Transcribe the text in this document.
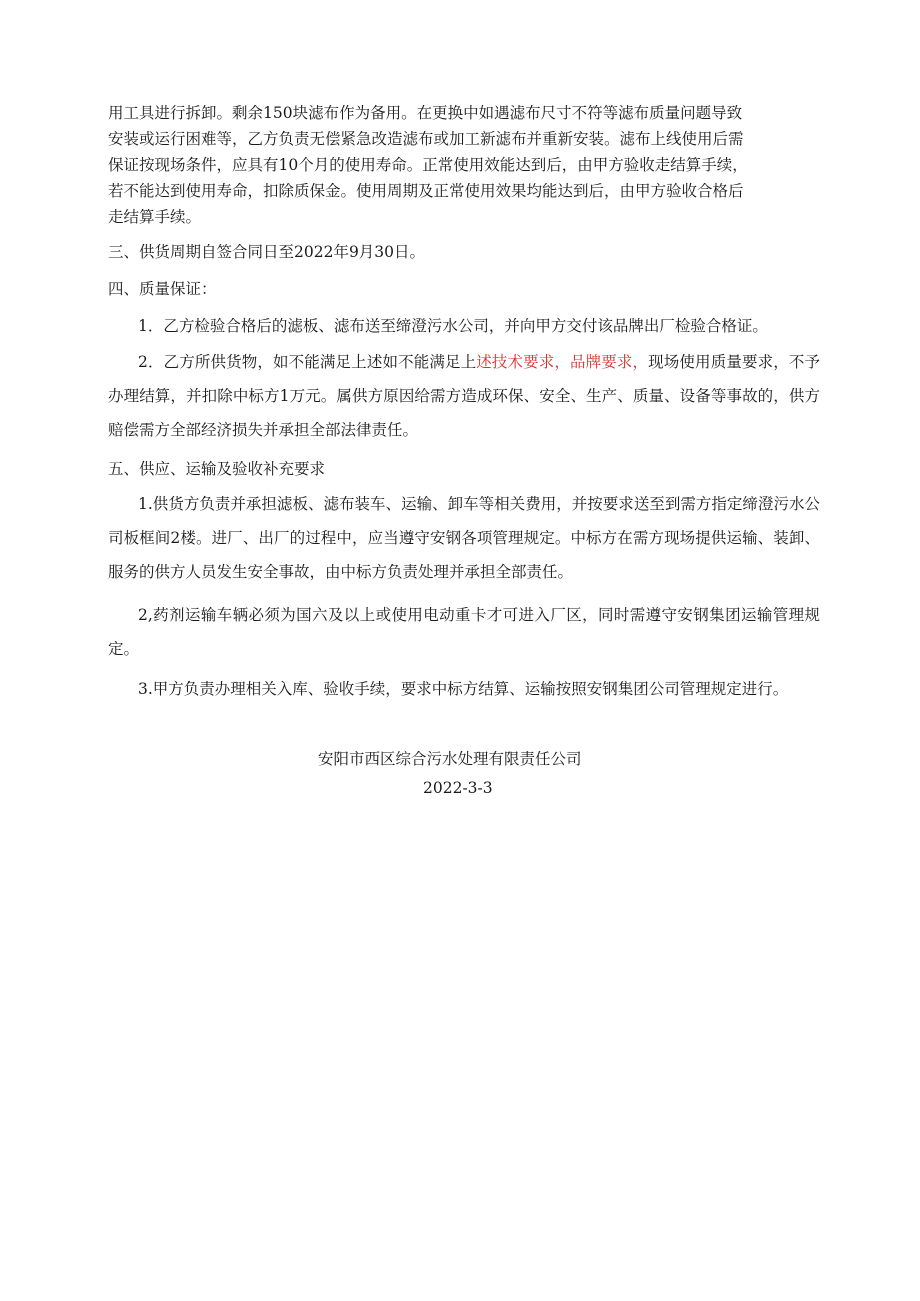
用工具进行拆卸。剩余150块滤布作为备用。在更换中如遇滤布尺寸不符等滤布质量问题导致
安装或运行困难等，乙方负责无偿紧急改造滤布或加工新滤布并重新安装。滤布上线使用后需
保证按现场条件，应具有10个月的使用寿命。正常使用效能达到后，由甲方验收走结算手续，
若不能达到使用寿命，扣除质保金。使用周期及正常使用效果均能达到后，由甲方验收合格后
走结算手续。

三、供货周期自签合同日至2022年9月30日。

四、质量保证：

1．乙方检验合格后的滤板、滤布送至缔澄污水公司，并向甲方交付该品牌出厂检验合格证。

2．乙方所供货物，如不能满足上述如不能满足上述技术要求，品牌要求，现场使用质量要求，不予办理结算，并扣除中标方1万元。属供方原因给需方造成环保、安全、生产、质量、设备等事故的，供方赔偿需方全部经济损失并承担全部法律责任。

五、供应、运输及验收补充要求

1.供货方负责并承担滤板、滤布装车、运输、卸车等相关费用，并按要求送至到需方指定缔澄污水公司板框间2楼。进厂、出厂的过程中，应当遵守安钢各项管理规定。中标方在需方现场提供运输、装卸、服务的供方人员发生安全事故，由中标方负责处理并承担全部责任。

2,药剂运输车辆必须为国六及以上或使用电动重卡才可进入厂区，同时需遵守安钢集团运输管理规定。

3.甲方负责办理相关入库、验收手续，要求中标方结算、运输按照安钢集团公司管理规定进行。

安阳市西区综合污水处理有限责任公司

2022-3-3
